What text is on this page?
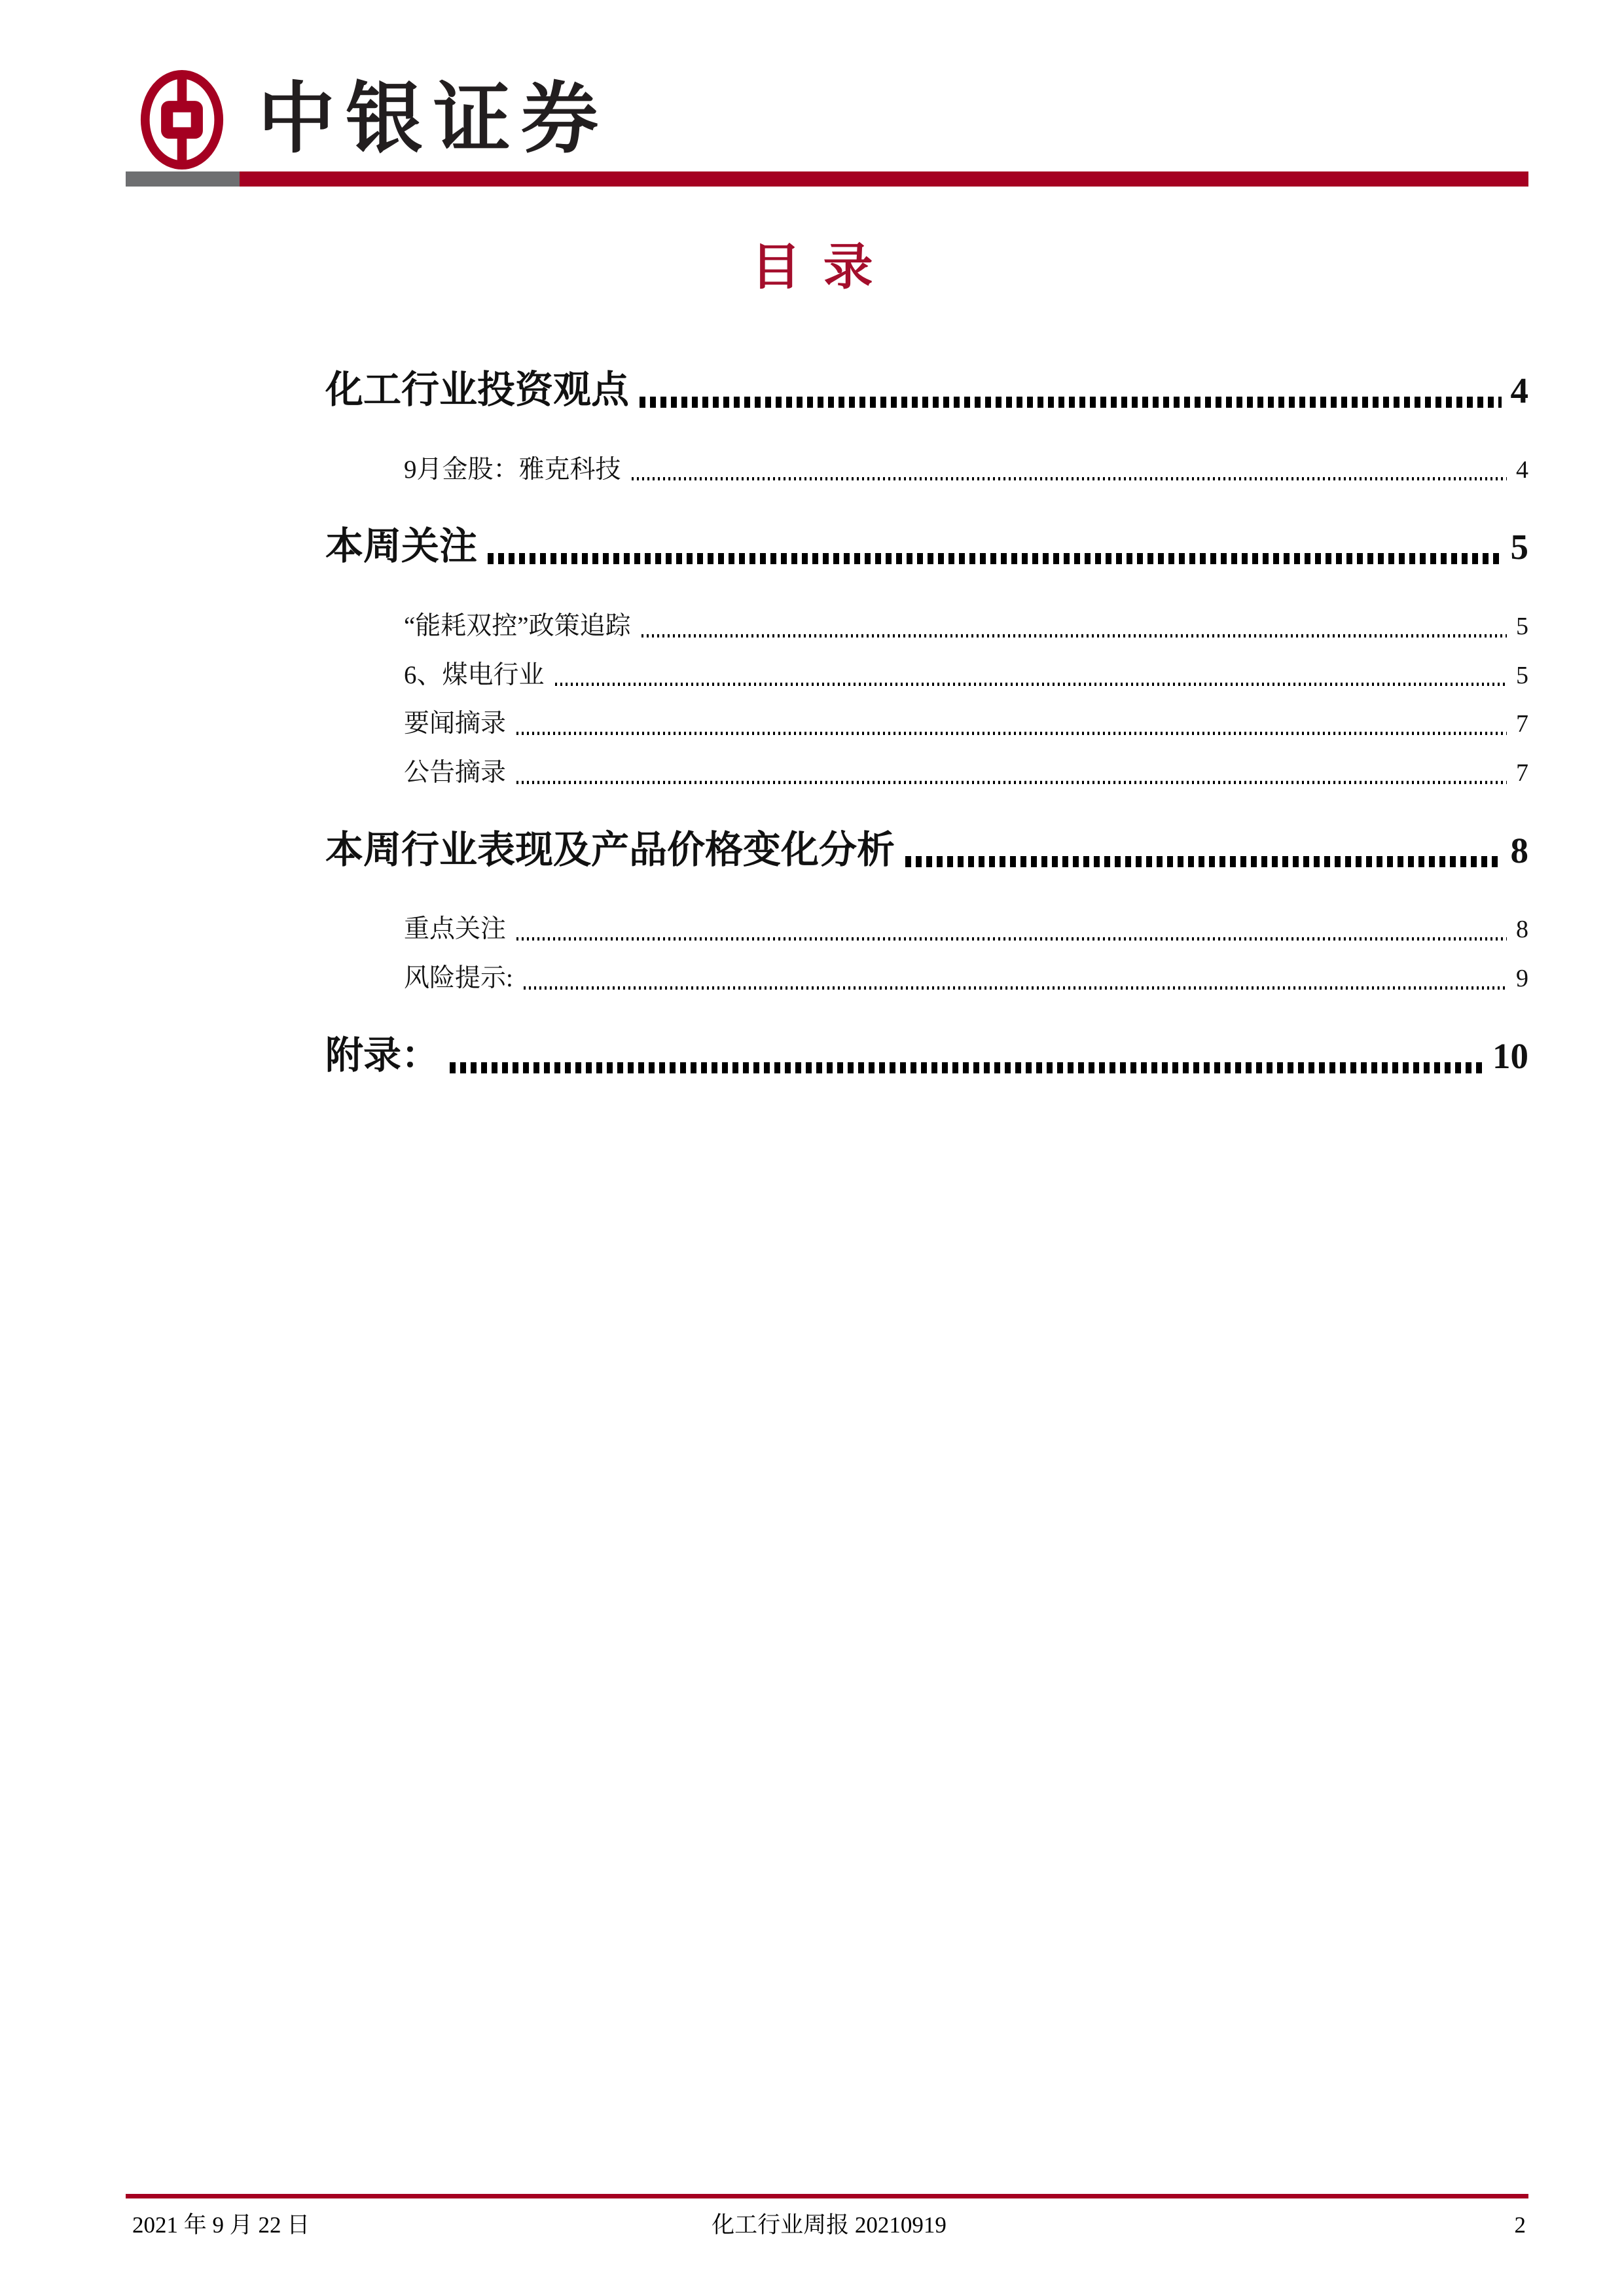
中银证券
目录
化工行业投资观点	4
9月金股：雅克科技	4
本周关注	5
“能耗双控”政策追踪	5
6、煤电行业	5
要闻摘录	7
公告摘录	7
本周行业表现及产品价格变化分析	8
重点关注	8
风险提示:	9
附录：	10
2021 年 9 月 22 日	化工行业周报 20210919	2
